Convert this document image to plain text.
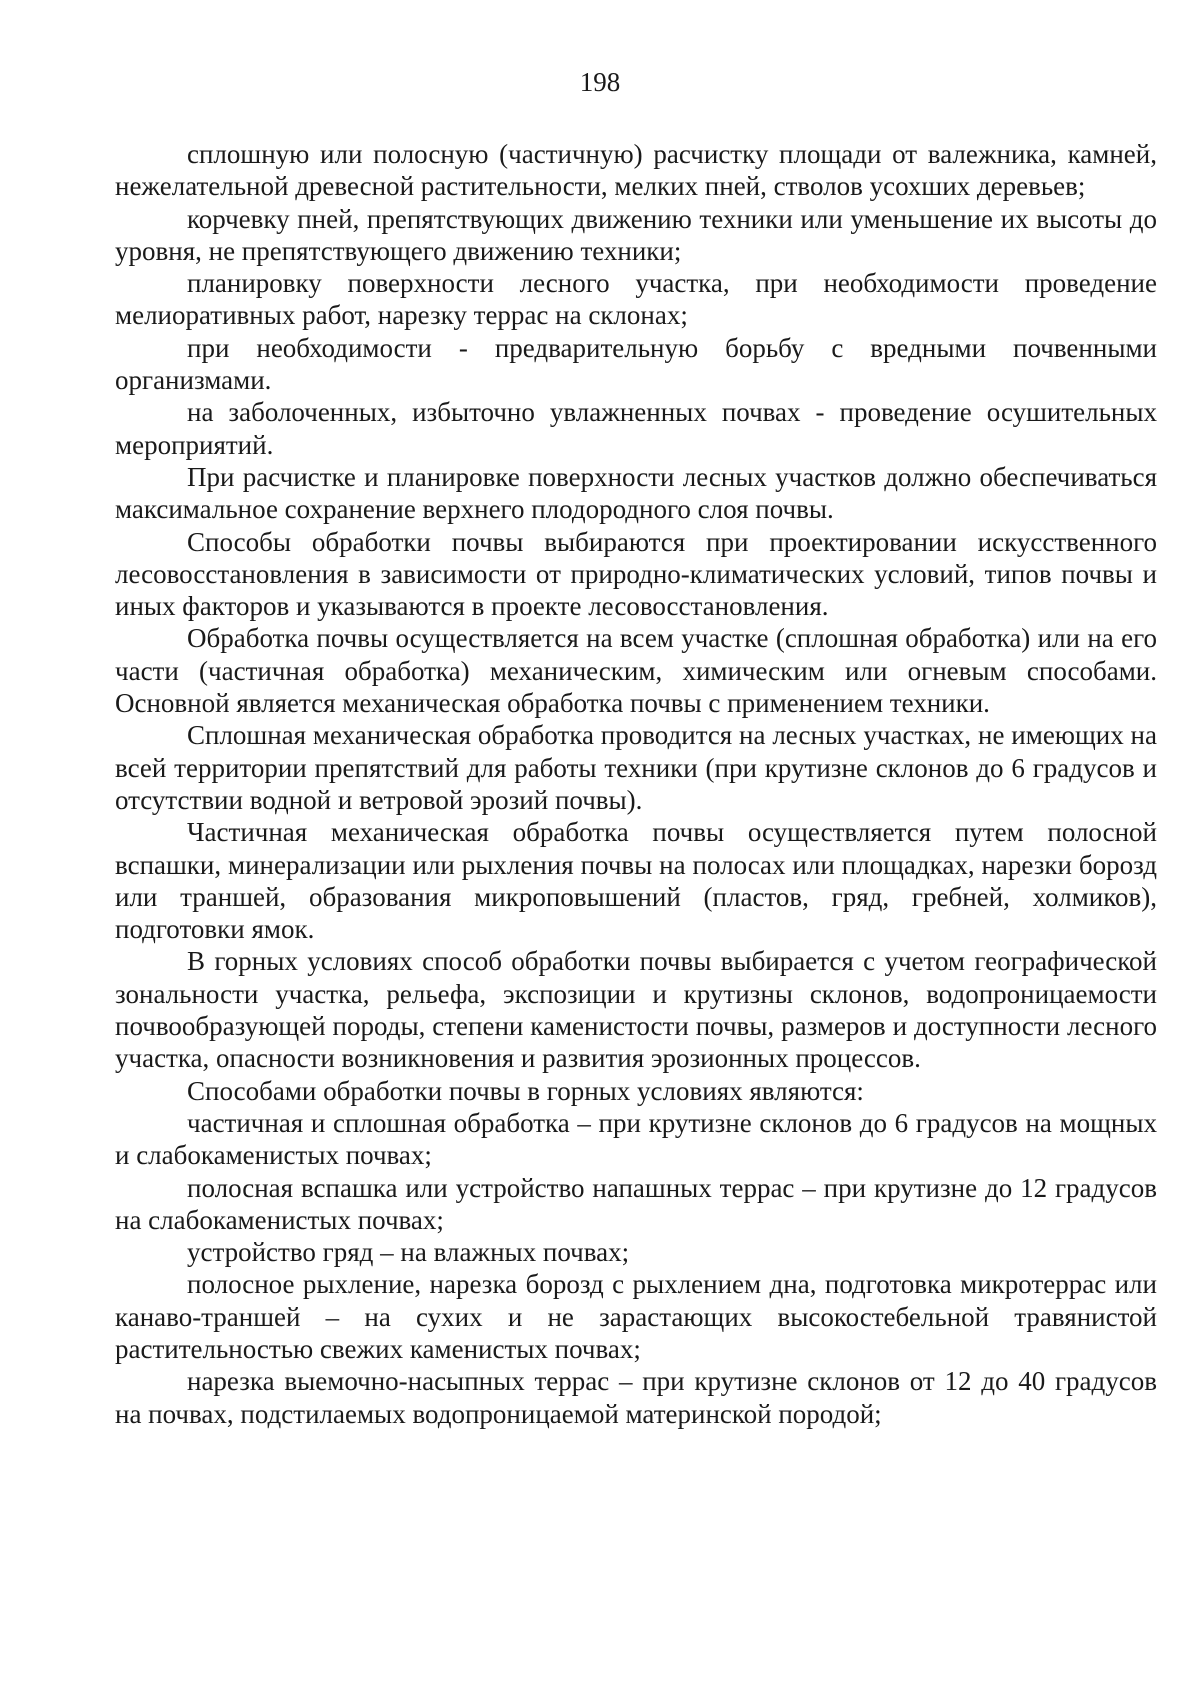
198

сплошную или полосную (частичную) расчистку площади от валежника, камней, нежелательной древесной растительности, мелких пней, стволов усохших деревьев;

корчевку пней, препятствующих движению техники или уменьшение их высоты до уровня, не препятствующего движению техники;

планировку поверхности лесного участка, при необходимости проведение мелиоративных работ, нарезку террас на склонах;

при необходимости - предварительную борьбу с вредными почвенными организмами.

на заболоченных, избыточно увлажненных почвах - проведение осушительных мероприятий.

При расчистке и планировке поверхности лесных участков должно обеспечиваться максимальное сохранение верхнего плодородного слоя почвы.

Способы обработки почвы выбираются при проектировании искусственного лесовосстановления в зависимости от природно-климатических условий, типов почвы и иных факторов и указываются в проекте лесовосстановления.

Обработка почвы осуществляется на всем участке (сплошная обработка) или на его части (частичная обработка) механическим, химическим или огневым способами. Основной является механическая обработка почвы с применением техники.

Сплошная механическая обработка проводится на лесных участках, не имеющих на всей территории препятствий для работы техники (при крутизне склонов до 6 градусов и отсутствии водной и ветровой эрозий почвы).

Частичная механическая обработка почвы осуществляется путем полосной вспашки, минерализации или рыхления почвы на полосах или площадках, нарезки борозд или траншей, образования микроповышений (пластов, гряд, гребней, холмиков), подготовки ямок.

В горных условиях способ обработки почвы выбирается с учетом географической зональности участка, рельефа, экспозиции и крутизны склонов, водопроницаемости почвообразующей породы, степени каменистости почвы, размеров и доступности лесного участка, опасности возникновения и развития эрозионных процессов.

Способами обработки почвы в горных условиях являются:

частичная и сплошная обработка – при крутизне склонов до 6 градусов на мощных и слабокаменистых почвах;

полосная вспашка или устройство напашных террас – при крутизне до 12 градусов на слабокаменистых почвах;

устройство гряд – на влажных почвах;

полосное рыхление, нарезка борозд с рыхлением дна, подготовка микротеррас или канаво-траншей – на сухих и не зарастающих высокостебельной травянистой растительностью свежих каменистых почвах;

нарезка выемочно-насыпных террас – при крутизне склонов от 12 до 40 градусов на почвах, подстилаемых водопроницаемой материнской породой;
